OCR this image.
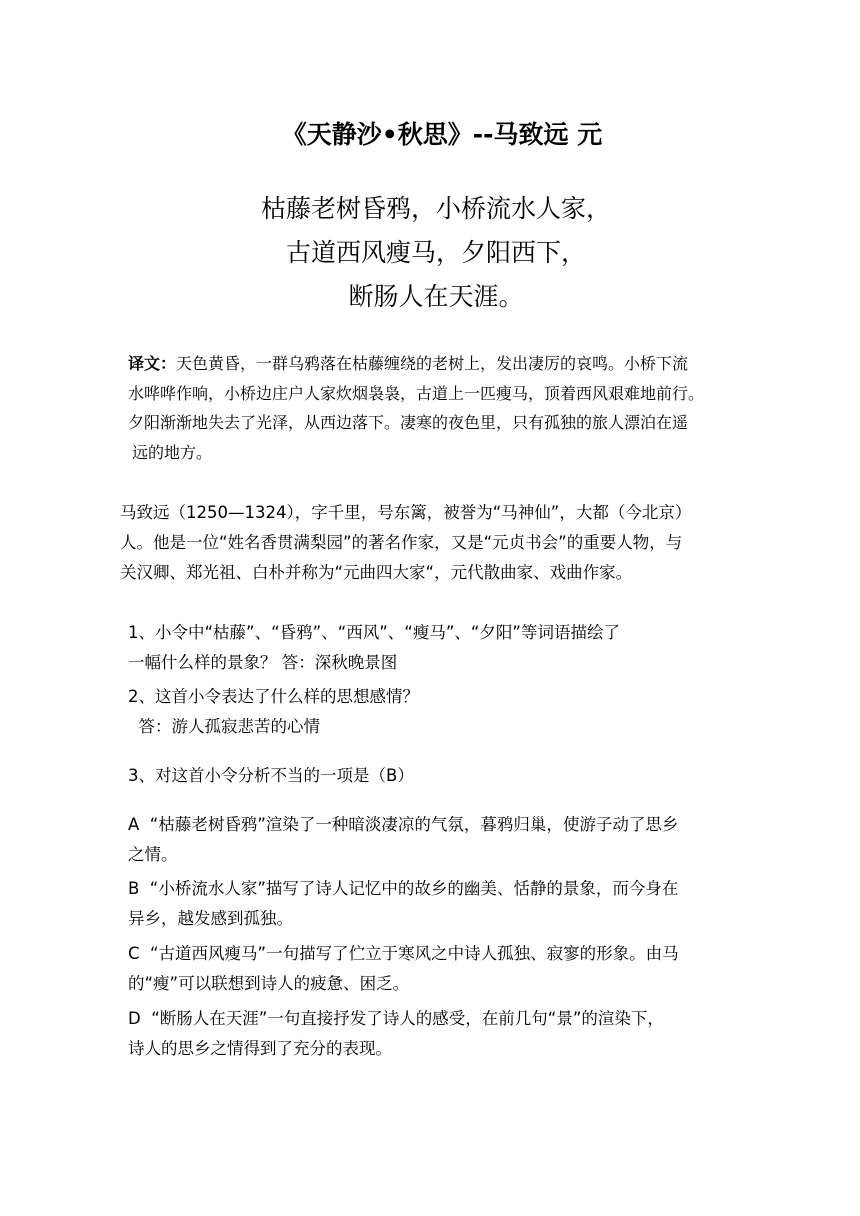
《天静沙•秋思》--马致远 元
枯藤老树昏鸦，小桥流水人家，
古道西风瘦马，夕阳西下，
断肠人在天涯。
译文：天色黄昏，一群乌鸦落在枯藤缠绕的老树上，发出凄厉的哀鸣。小桥下流
水哗哗作响，小桥边庄户人家炊烟袅袅，古道上一匹瘦马，顶着西风艰难地前行。
夕阳渐渐地失去了光泽，从西边落下。凄寒的夜色里，只有孤独的旅人漂泊在遥
远的地方。
马致远（1250—1324），字千里，号东篱，被誉为“马神仙”，大都（今北京）
人。他是一位“姓名香贯满梨园”的著名作家，又是“元贞书会”的重要人物，与
关汉卿、郑光祖、白朴并称为“元曲四大家“，元代散曲家、戏曲作家。
1、小令中“枯藤”、“昏鸦”、“西风”、“瘦马”、“夕阳”等词语描绘了
一幅什么样的景象？ 答：深秋晚景图
2、这首小令表达了什么样的思想感情？
答：游人孤寂悲苦的心情
3、对这首小令分析不当的一项是（B）
A  “枯藤老树昏鸦”渲染了一种暗淡凄凉的气氛，暮鸦归巢，使游子动了思乡
之情。
B  “小桥流水人家”描写了诗人记忆中的故乡的幽美、恬静的景象，而今身在
异乡，越发感到孤独。
C  “古道西风瘦马”一句描写了伫立于寒风之中诗人孤独、寂寥的形象。由马
的“瘦”可以联想到诗人的疲惫、困乏。
D  “断肠人在天涯”一句直接抒发了诗人的感受，在前几句“景”的渲染下，
诗人的思乡之情得到了充分的表现。
